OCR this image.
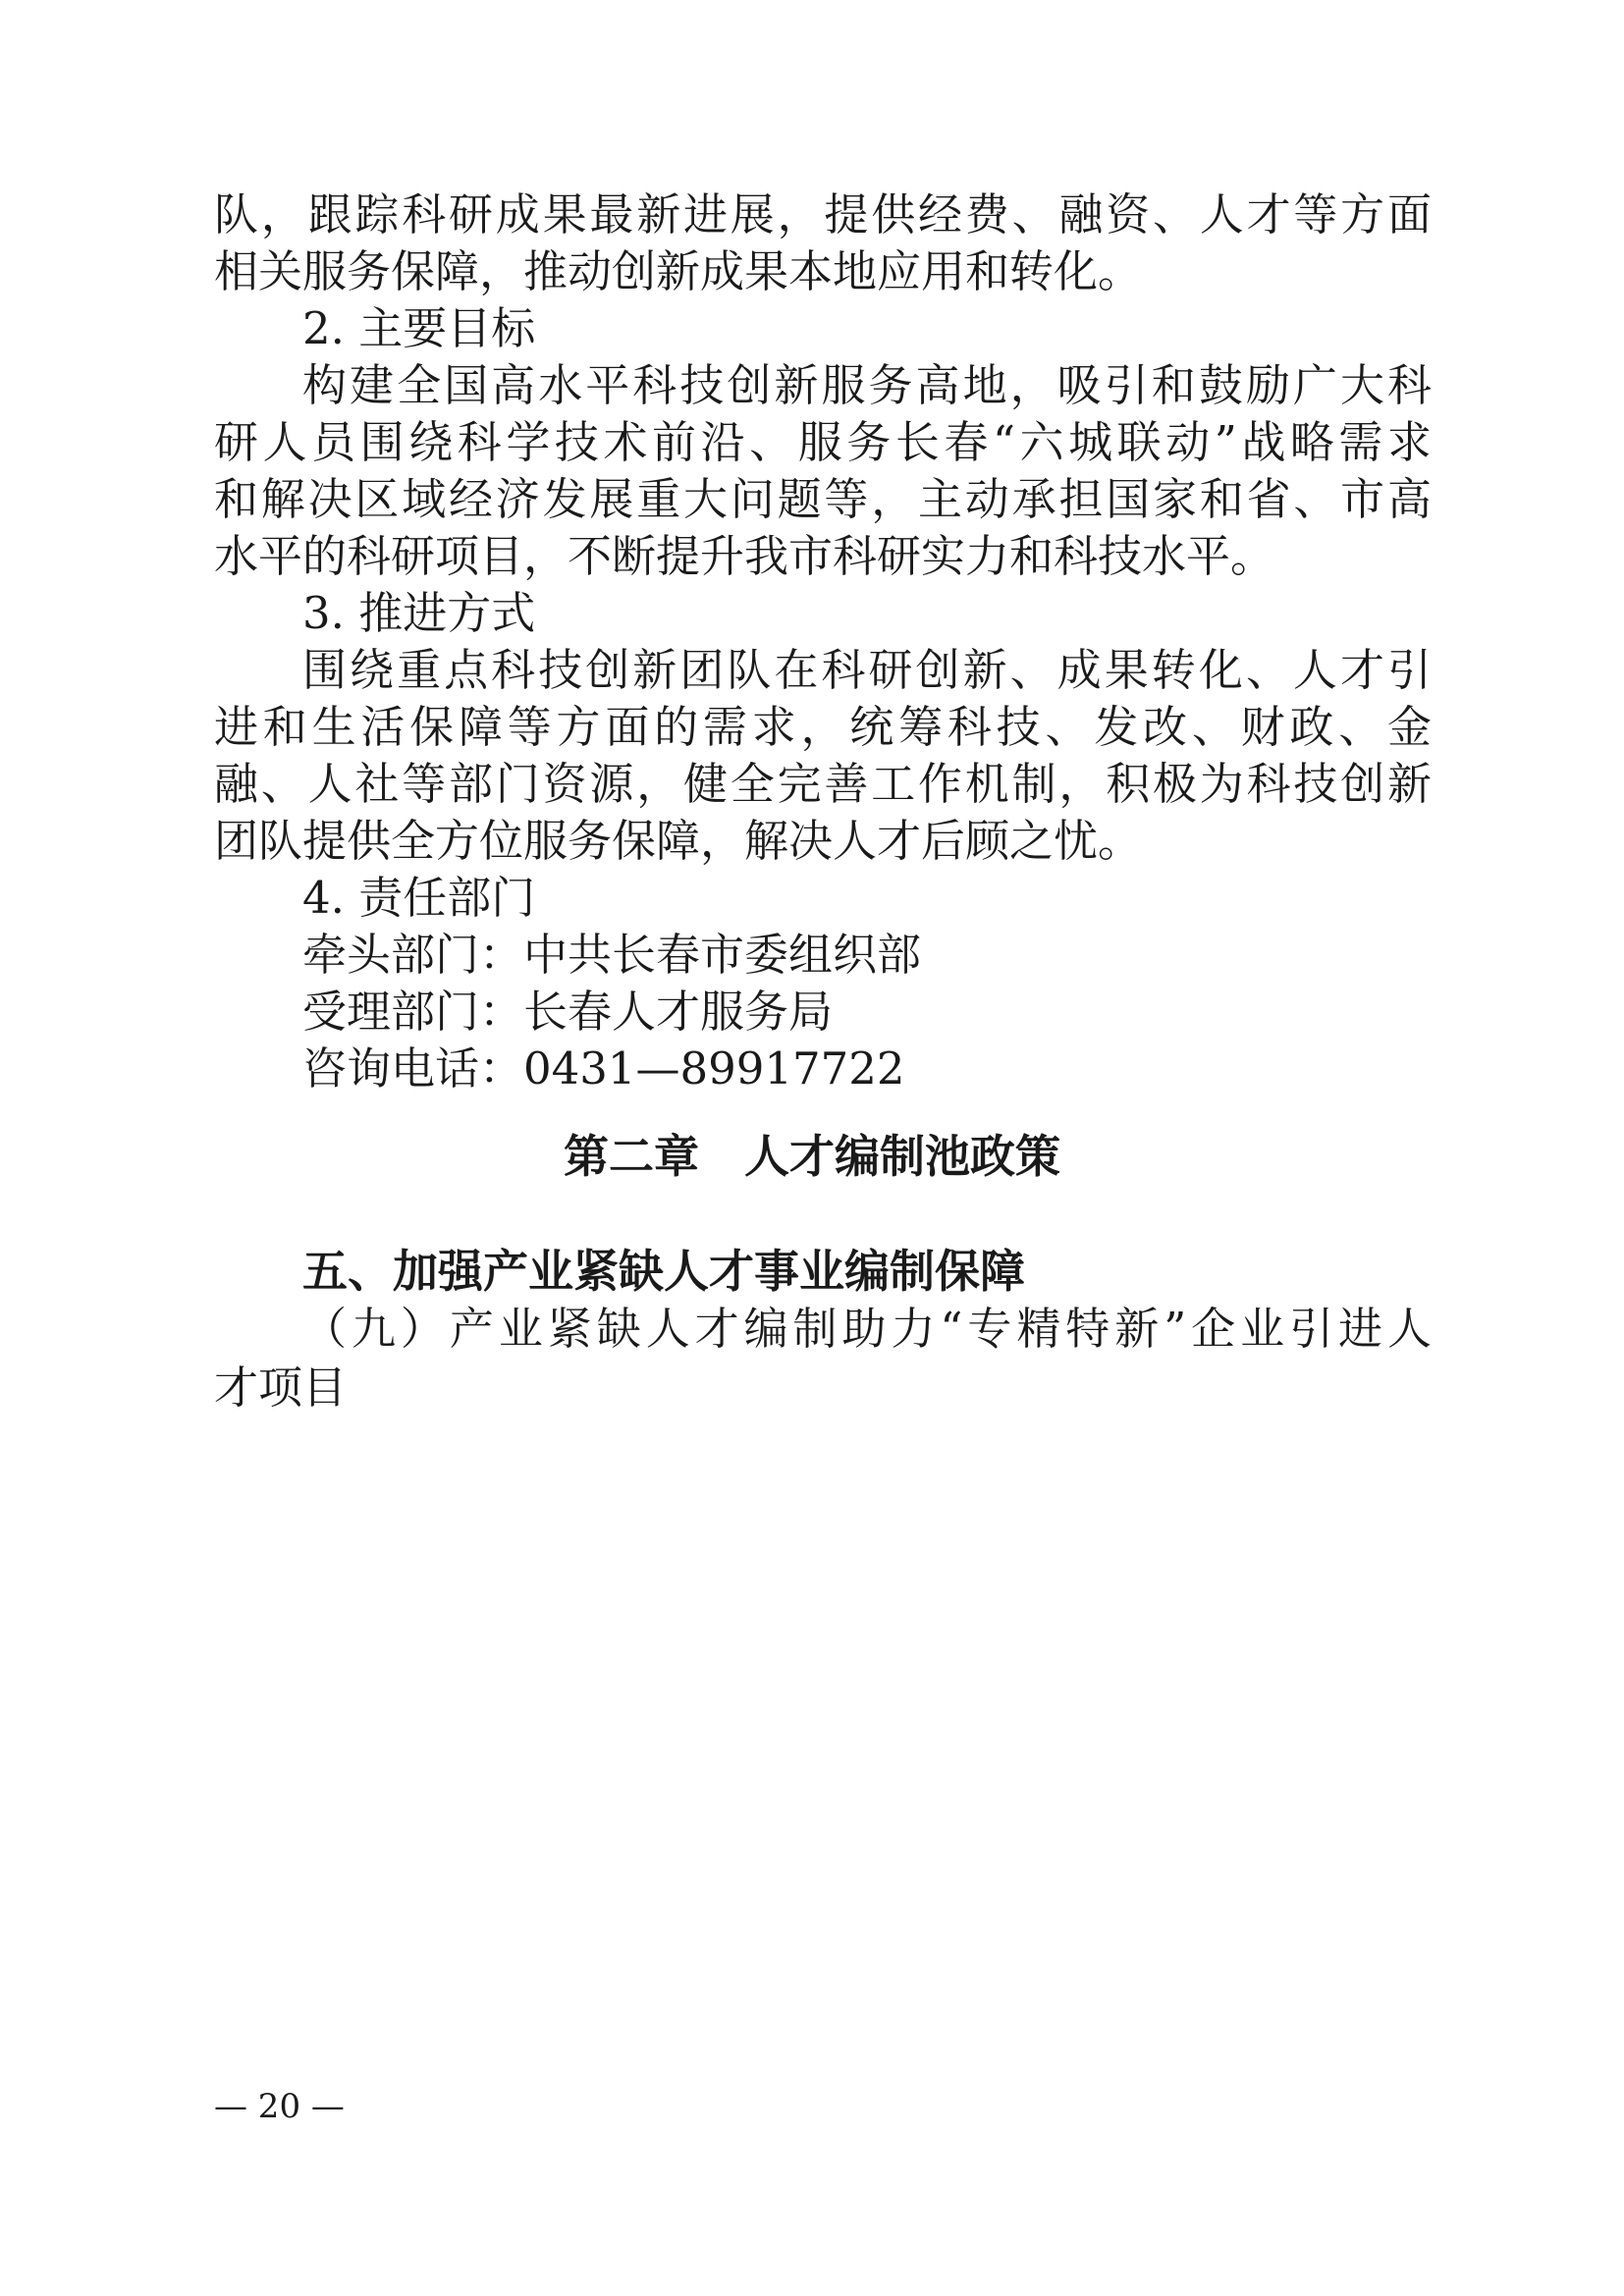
队，跟踪科研成果最新进展，提供经费、融资、人才等方面
相关服务保障，推动创新成果本地应用和转化。
2. 主要目标
构建全国高水平科技创新服务高地，吸引和鼓励广大科
研人员围绕科学技术前沿、服务长春“六城联动”战略需求
和解决区域经济发展重大问题等，主动承担国家和省、市高
水平的科研项目，不断提升我市科研实力和科技水平。
3. 推进方式
围绕重点科技创新团队在科研创新、成果转化、人才引
进和生活保障等方面的需求，统筹科技、发改、财政、金
融、人社等部门资源，健全完善工作机制，积极为科技创新
团队提供全方位服务保障，解决人才后顾之忧。
4. 责任部门
牵头部门：中共长春市委组织部
受理部门：长春人才服务局
咨询电话：0431—89917722
第二章　人才编制池政策
五、加强产业紧缺人才事业编制保障
（九）产业紧缺人才编制助力“专精特新”企业引进人
才项目
— 20 —
